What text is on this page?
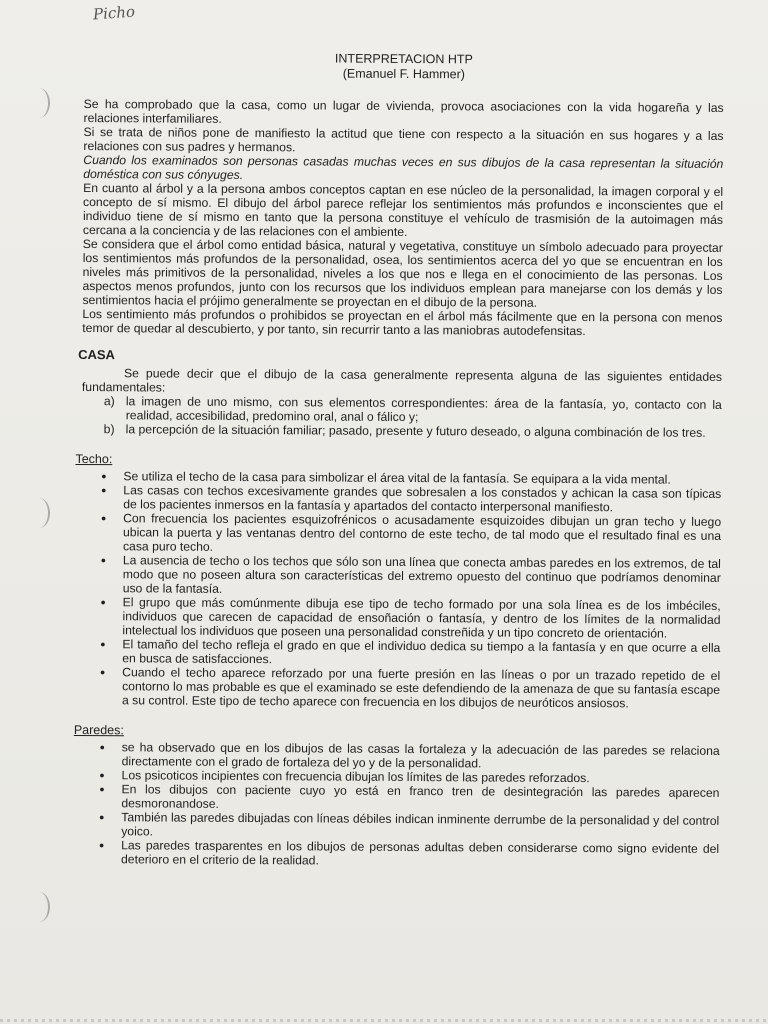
Picho
INTERPRETACION HTP
(Emanuel F. Hammer)

Se ha comprobado que la casa, como un lugar de vivienda, provoca asociaciones con la vida hogareña y las relaciones interfamiliares.

Si se trata de niños pone de manifiesto la actitud que tiene con respecto a la situación en sus hogares y a las relaciones con sus padres y hermanos.

Cuando los examinados son personas casadas muchas veces en sus dibujos de la casa representan la situación doméstica con sus cónyuges.

En cuanto al árbol y a la persona ambos conceptos captan en ese núcleo de la personalidad, la imagen corporal y el concepto de sí mismo. El dibujo del árbol parece reflejar los sentimientos más profundos e inconscientes que el individuo tiene de sí mismo en tanto que la persona constituye el vehículo de trasmisión de la autoimagen más cercana a la conciencia y de las relaciones con el ambiente.

Se considera que el árbol como entidad básica, natural y vegetativa, constituye un símbolo adecuado para proyectar los sentimientos más profundos de la personalidad, osea, los sentimientos acerca del yo que se encuentran en los niveles más primitivos de la personalidad, niveles a los que nos e llega en el conocimiento de las personas. Los aspectos menos profundos, junto con los recursos que los individuos emplean para manejarse con los demás y los sentimientos hacia el prójimo generalmente se proyectan en el dibujo de la persona.

Los sentimiento más profundos o prohibidos se proyectan en el árbol más fácilmente que en la persona con menos temor de quedar al descubierto, y por tanto, sin recurrir tanto a las maniobras autodefensitas.

CASA

Se puede decir que el dibujo de la casa generalmente representa alguna de las siguientes entidades fundamentales:

a) la imagen de uno mismo, con sus elementos correspondientes: área de la fantasía, yo, contacto con la realidad, accesibilidad, predomino oral, anal o fálico y;
b) la percepción de la situación familiar; pasado, presente y futuro deseado, o alguna combinación de los tres.
Techo:
• Se utiliza el techo de la casa para simbolizar el área vital de la fantasía. Se equipara a la vida mental.
• Las casas con techos excesivamente grandes que sobresalen a los constados y achican la casa son típicas de los pacientes inmersos en la fantasía y apartados del contacto interpersonal manifiesto.
• Con frecuencia los pacientes esquizofrénicos o acusadamente esquizoides dibujan un gran techo y luego ubican la puerta y las ventanas dentro del contorno de este techo, de tal modo que el resultado final es una casa puro techo.
• La ausencia de techo o los techos que sólo son una línea que conecta ambas paredes en los extremos, de tal modo que no poseen altura son características del extremo opuesto del continuo que podríamos denominar uso de la fantasía.
• El grupo que más comúnmente dibuja ese tipo de techo formado por una sola línea es de los imbéciles, individuos que carecen de capacidad de ensoñación o fantasía, y dentro de los límites de la normalidad intelectual los individuos que poseen una personalidad constreñida y un tipo concreto de orientación.
• El tamaño del techo refleja el grado en que el individuo dedica su tiempo a la fantasía y en que ocurre a ella en busca de satisfacciones.
• Cuando el techo aparece reforzado por una fuerte presión en las líneas o por un trazado repetido de el contorno lo mas probable es que el examinado se este defendiendo de la amenaza de que su fantasía escape a su control. Este tipo de techo aparece con frecuencia en los dibujos de neuróticos ansiosos.
Paredes:
• se ha observado que en los dibujos de las casas la fortaleza y la adecuación de las paredes se relaciona directamente con el grado de fortaleza del yo y de la personalidad.
• Los psicoticos incipientes con frecuencia dibujan los límites de las paredes reforzados.
• En los dibujos con paciente cuyo yo está en franco tren de desintegración las paredes aparecen desmoronandose.
• También las paredes dibujadas con líneas débiles indican inminente derrumbe de la personalidad y del control yoico.
• Las paredes trasparentes en los dibujos de personas adultas deben considerarse como signo evidente del deterioro en el criterio de la realidad.
